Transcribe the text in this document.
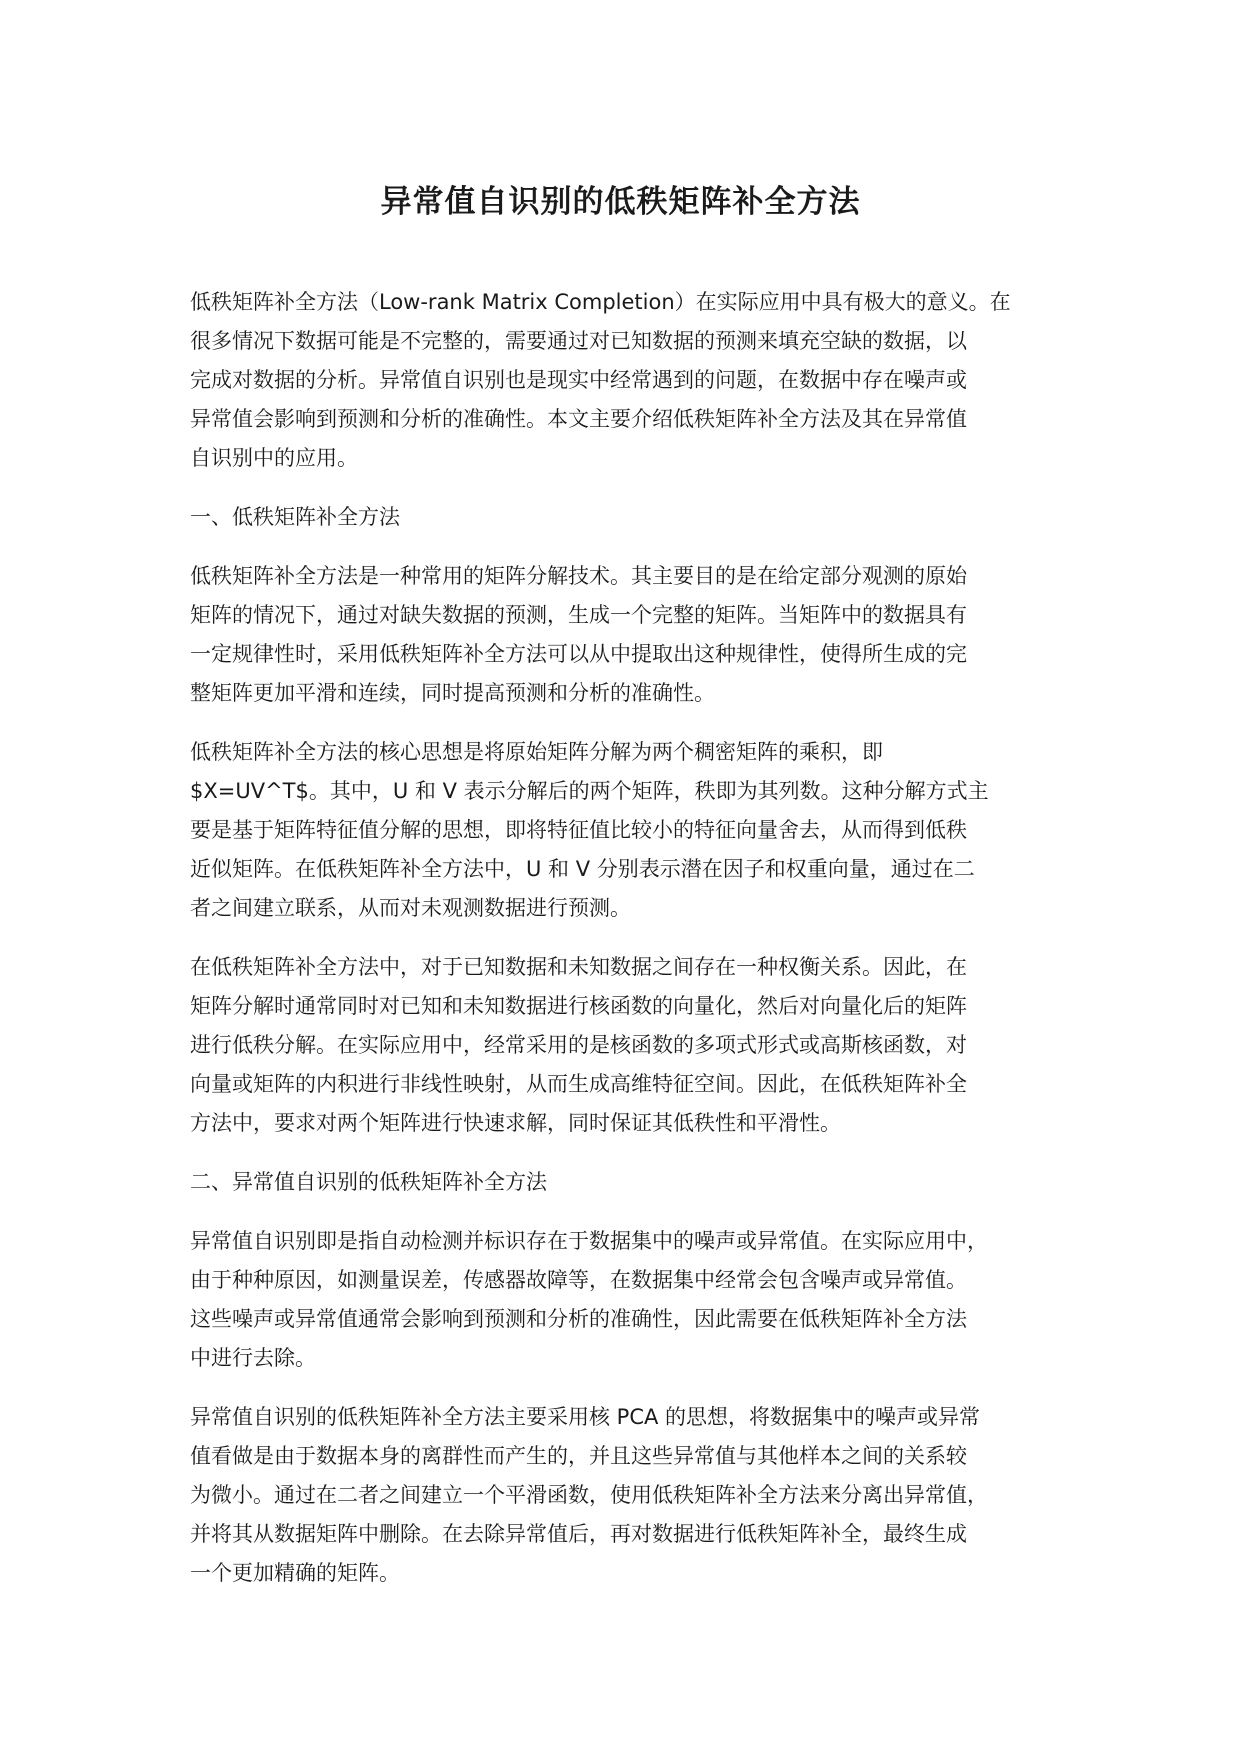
异常值自识别的低秩矩阵补全方法
低秩矩阵补全方法（Low-rank Matrix Completion）在实际应用中具有极大的意义。在
很多情况下数据可能是不完整的，需要通过对已知数据的预测来填充空缺的数据，以
完成对数据的分析。异常值自识别也是现实中经常遇到的问题，在数据中存在噪声或
异常值会影响到预测和分析的准确性。本文主要介绍低秩矩阵补全方法及其在异常值
自识别中的应用。
一、低秩矩阵补全方法
低秩矩阵补全方法是一种常用的矩阵分解技术。其主要目的是在给定部分观测的原始
矩阵的情况下，通过对缺失数据的预测，生成一个完整的矩阵。当矩阵中的数据具有
一定规律性时，采用低秩矩阵补全方法可以从中提取出这种规律性，使得所生成的完
整矩阵更加平滑和连续，同时提高预测和分析的准确性。
低秩矩阵补全方法的核心思想是将原始矩阵分解为两个稠密矩阵的乘积，即
$X=UV^T$。其中，U 和 V 表示分解后的两个矩阵，秩即为其列数。这种分解方式主
要是基于矩阵特征值分解的思想，即将特征值比较小的特征向量舍去，从而得到低秩
近似矩阵。在低秩矩阵补全方法中，U 和 V 分别表示潜在因子和权重向量，通过在二
者之间建立联系，从而对未观测数据进行预测。
在低秩矩阵补全方法中，对于已知数据和未知数据之间存在一种权衡关系。因此，在
矩阵分解时通常同时对已知和未知数据进行核函数的向量化，然后对向量化后的矩阵
进行低秩分解。在实际应用中，经常采用的是核函数的多项式形式或高斯核函数，对
向量或矩阵的内积进行非线性映射，从而生成高维特征空间。因此，在低秩矩阵补全
方法中，要求对两个矩阵进行快速求解，同时保证其低秩性和平滑性。
二、异常值自识别的低秩矩阵补全方法
异常值自识别即是指自动检测并标识存在于数据集中的噪声或异常值。在实际应用中，
由于种种原因，如测量误差，传感器故障等，在数据集中经常会包含噪声或异常值。
这些噪声或异常值通常会影响到预测和分析的准确性，因此需要在低秩矩阵补全方法
中进行去除。
异常值自识别的低秩矩阵补全方法主要采用核 PCA 的思想，将数据集中的噪声或异常
值看做是由于数据本身的离群性而产生的，并且这些异常值与其他样本之间的关系较
为微小。通过在二者之间建立一个平滑函数，使用低秩矩阵补全方法来分离出异常值，
并将其从数据矩阵中删除。在去除异常值后，再对数据进行低秩矩阵补全，最终生成
一个更加精确的矩阵。
